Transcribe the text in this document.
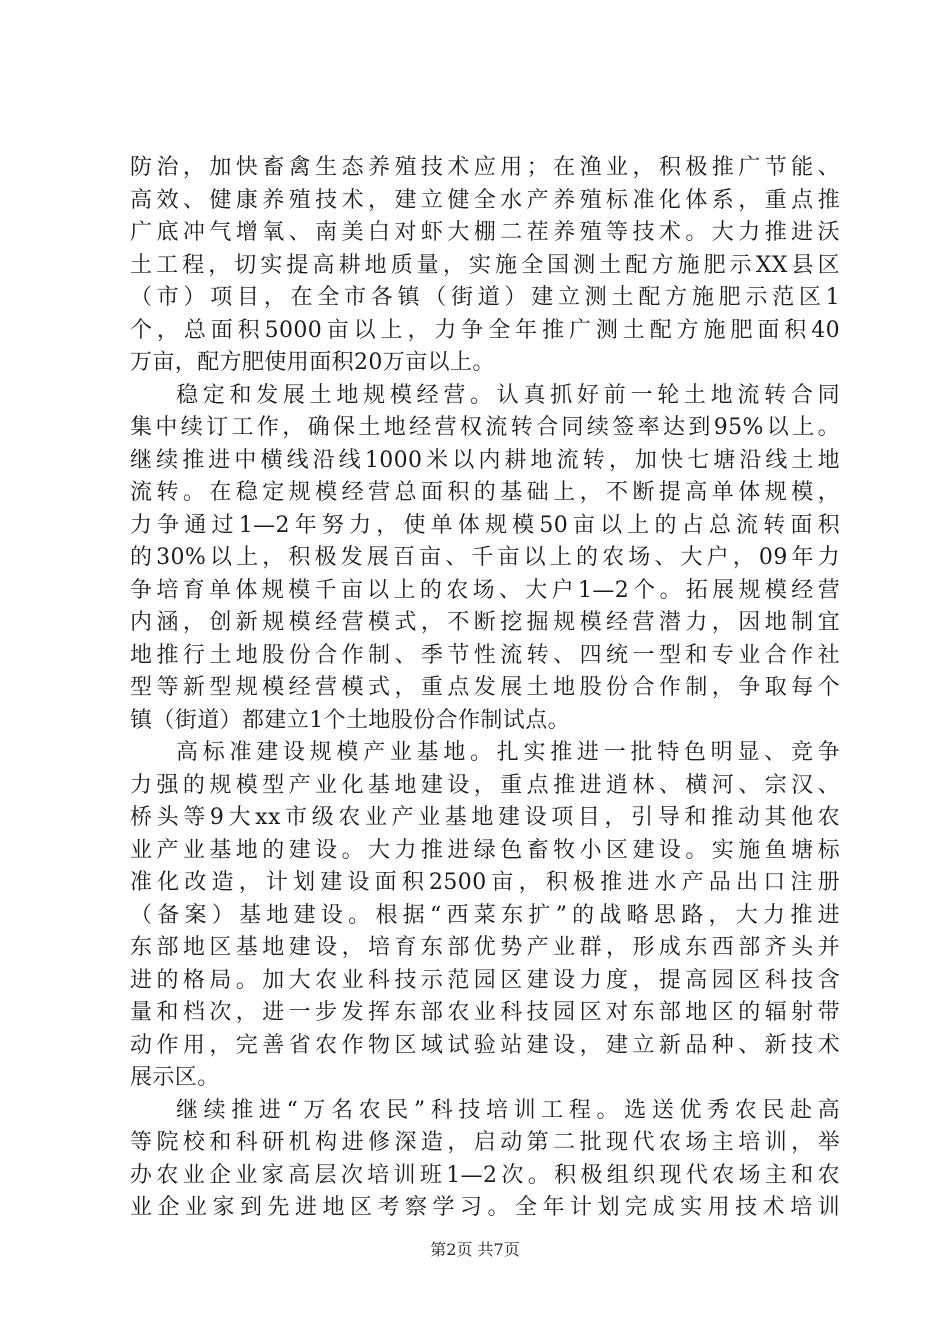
防治，加快畜禽生态养殖技术应用；在渔业，积极推广节能、
高效、健康养殖技术，建立健全水产养殖标准化体系，重点推
广底冲气增氧、南美白对虾大棚二茬养殖等技术。大力推进沃
土工程，切实提高耕地质量，实施全国测土配方施肥示XX县区
（市）项目，在全市各镇（街道）建立测土配方施肥示范区1
个，总面积5000亩以上，力争全年推广测土配方施肥面积40
万亩，配方肥使用面积20万亩以上。
稳定和发展土地规模经营。认真抓好前一轮土地流转合同
集中续订工作，确保土地经营权流转合同续签率达到95%以上。
继续推进中横线沿线1000米以内耕地流转，加快七塘沿线土地
流转。在稳定规模经营总面积的基础上，不断提高单体规模，
力争通过1—2年努力，使单体规模50亩以上的占总流转面积
的30%以上，积极发展百亩、千亩以上的农场、大户，09年力
争培育单体规模千亩以上的农场、大户1—2个。拓展规模经营
内涵，创新规模经营模式，不断挖掘规模经营潜力，因地制宜
地推行土地股份合作制、季节性流转、四统一型和专业合作社
型等新型规模经营模式，重点发展土地股份合作制，争取每个
镇（街道）都建立1个土地股份合作制试点。
高标准建设规模产业基地。扎实推进一批特色明显、竞争
力强的规模型产业化基地建设，重点推进逍林、横河、宗汉、
桥头等9大xx市级农业产业基地建设项目，引导和推动其他农
业产业基地的建设。大力推进绿色畜牧小区建设。实施鱼塘标
准化改造，计划建设面积2500亩，积极推进水产品出口注册
（备案）基地建设。根据“西菜东扩”的战略思路，大力推进
东部地区基地建设，培育东部优势产业群，形成东西部齐头并
进的格局。加大农业科技示范园区建设力度，提高园区科技含
量和档次，进一步发挥东部农业科技园区对东部地区的辐射带
动作用，完善省农作物区域试验站建设，建立新品种、新技术
展示区。
继续推进“万名农民”科技培训工程。选送优秀农民赴高
等院校和科研机构进修深造，启动第二批现代农场主培训，举
办农业企业家高层次培训班1—2次。积极组织现代农场主和农
业企业家到先进地区考察学习。全年计划完成实用技术培训
第2页 共7页
